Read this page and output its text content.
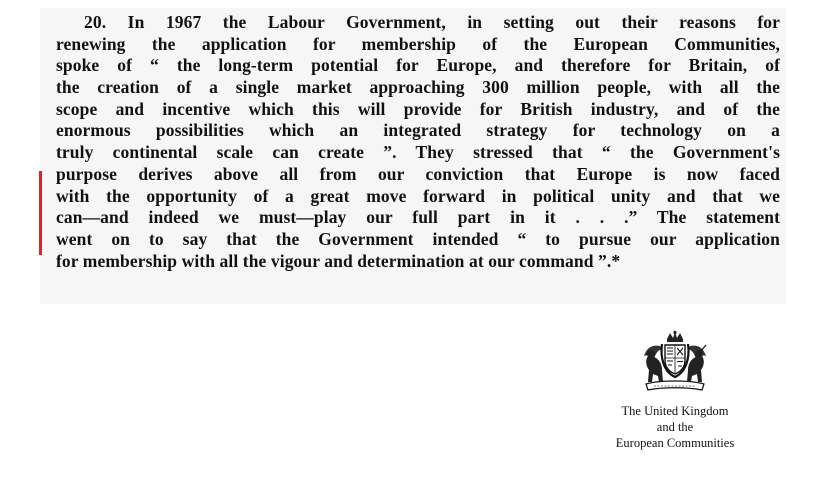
20. In 1967 the Labour Government, in setting out their reasons for
renewing the application for membership of the European Communities,
spoke of “ the long-term potential for Europe, and therefore for Britain, of
the creation of a single market approaching 300 million people, with all the
scope and incentive which this will provide for British industry, and of the
enormous possibilities which an integrated strategy for technology on a
truly continental scale can create ”. They stressed that “ the Government's
purpose derives above all from our conviction that Europe is now faced
with the opportunity of a great move forward in political unity and that we
can—and indeed we must—play our full part in it . . .” The statement
went on to say that the Government intended “ to pursue our application
for membership with all the vigour and determination at our command ”.*
The United Kingdom
and the
European Communities
